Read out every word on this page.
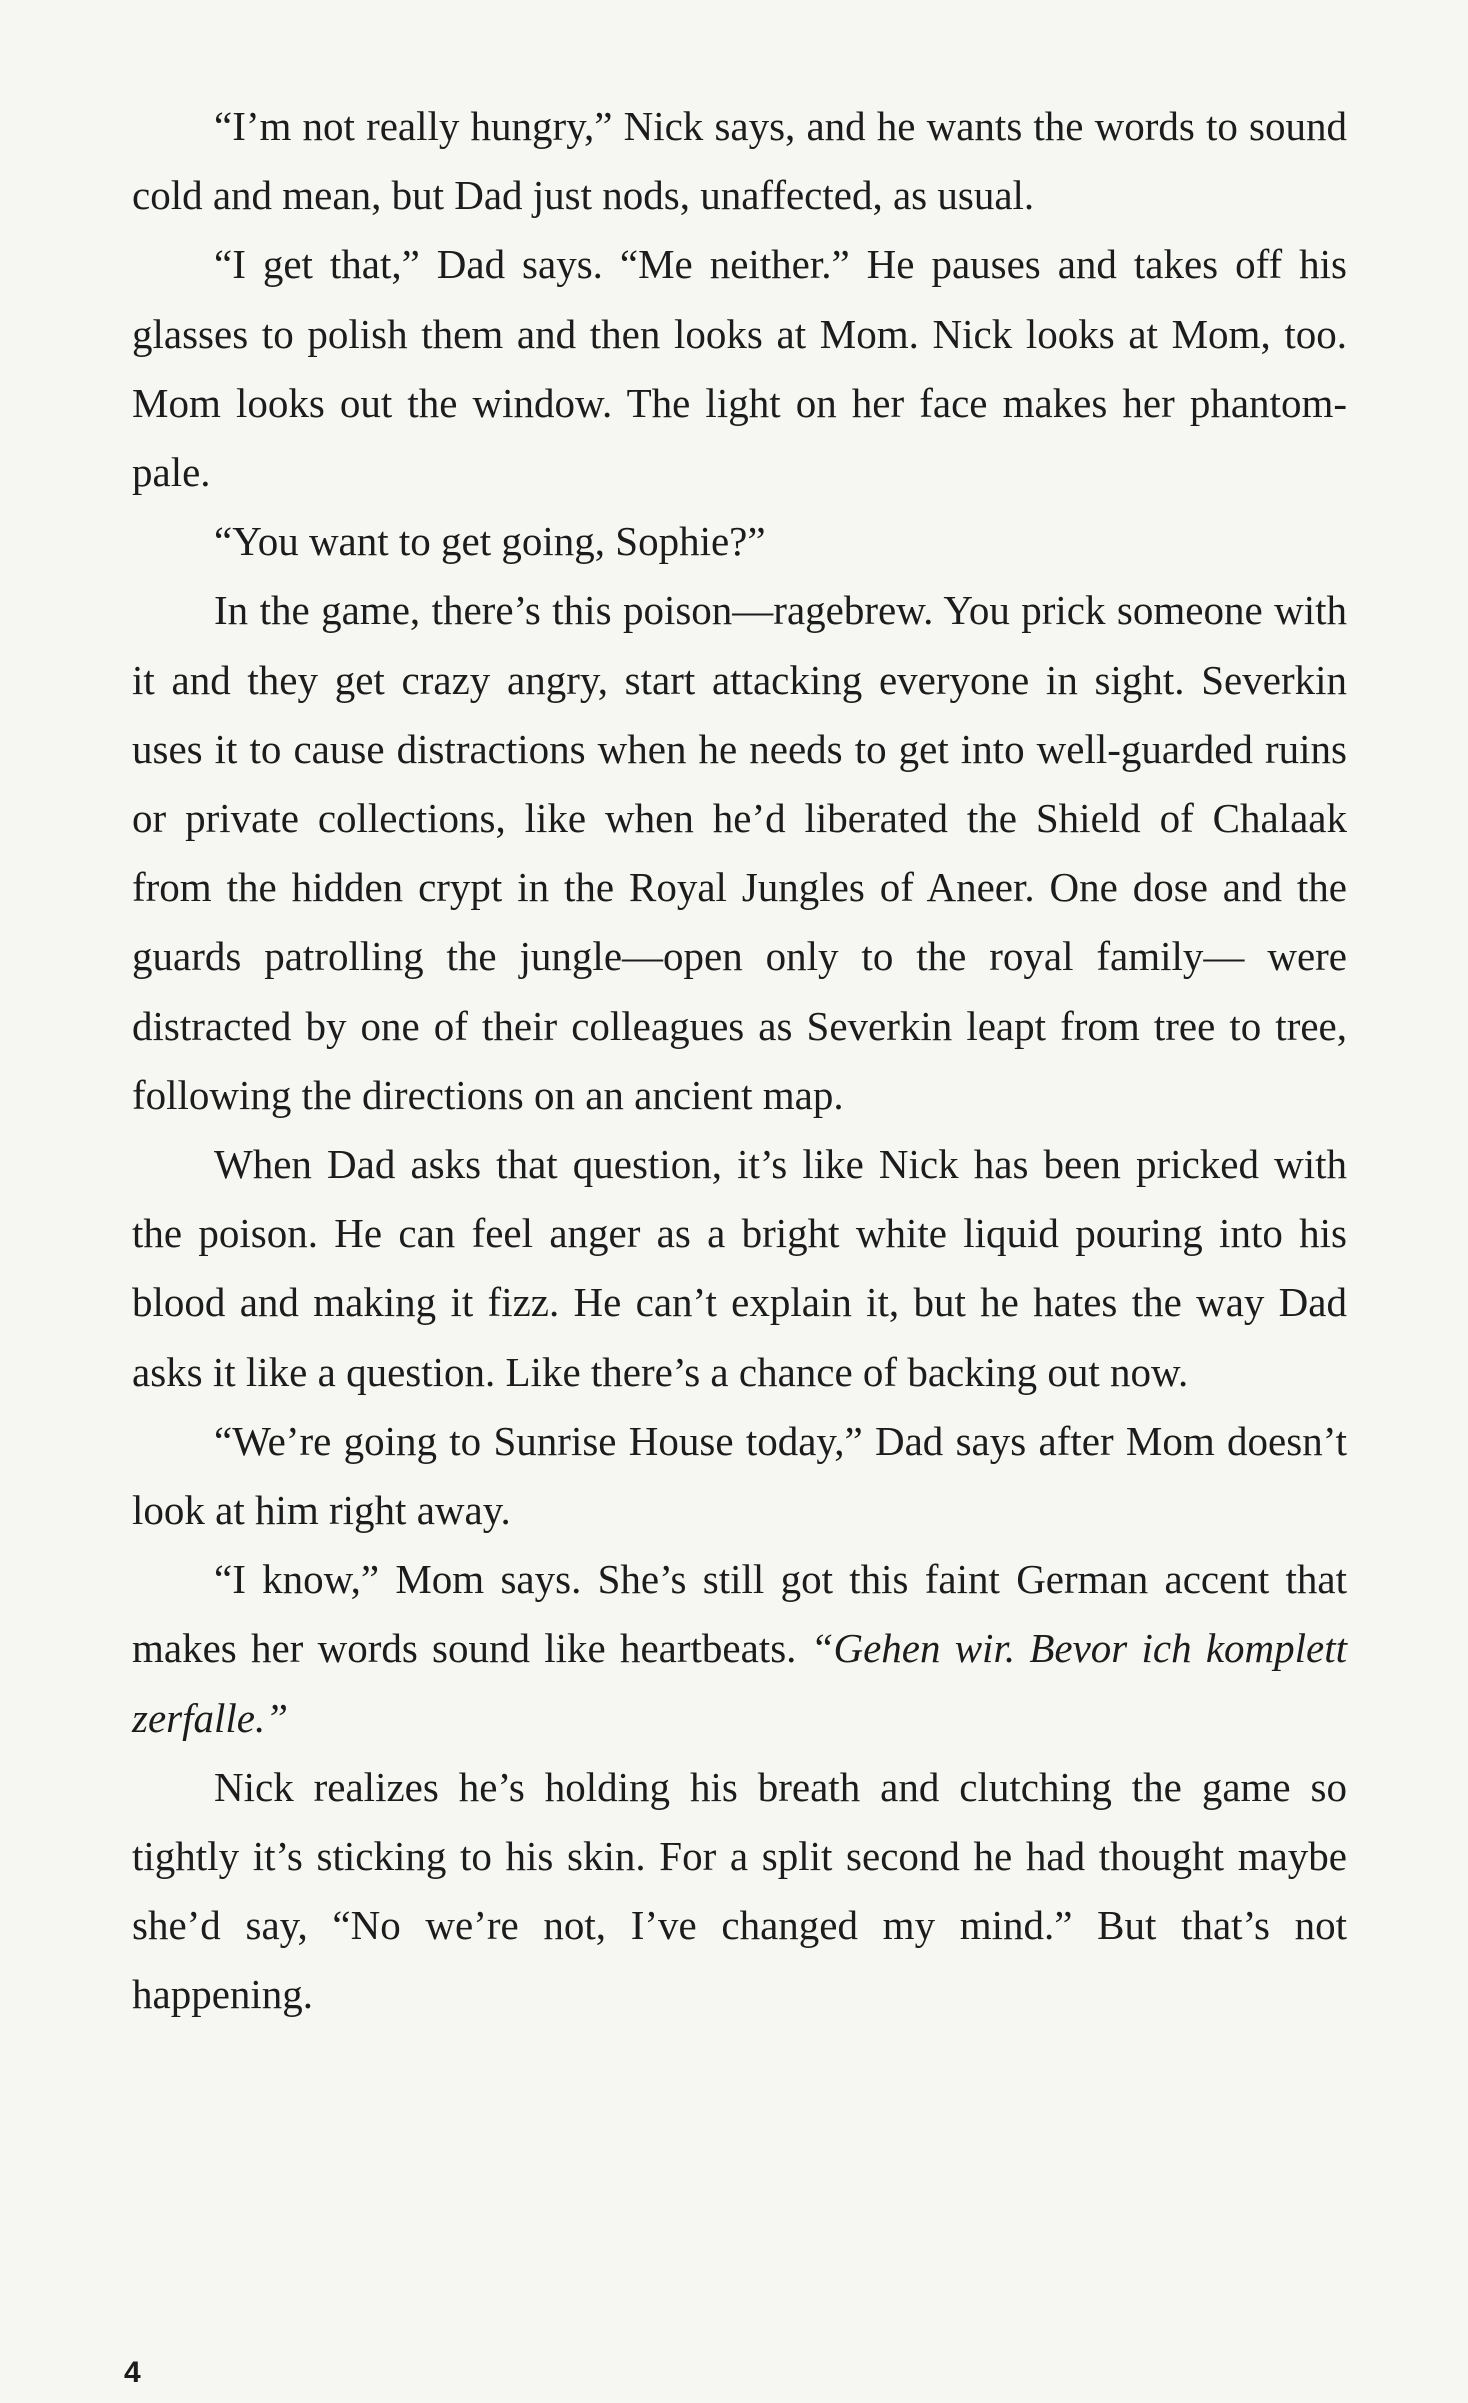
“I’m not really hungry,” Nick says, and he wants the words to sound cold and mean, but Dad just nods, unaffected, as usual.

“I get that,” Dad says. “Me neither.” He pauses and takes off his glasses to polish them and then looks at Mom. Nick looks at Mom, too. Mom looks out the window. The light on her face makes her phantom-pale.

“You want to get going, Sophie?”

In the game, there’s this poison—ragebrew. You prick someone with it and they get crazy angry, start attacking everyone in sight. Severkin uses it to cause distractions when he needs to get into well-guarded ruins or private collections, like when he’d liberated the Shield of Chalaak from the hidden crypt in the Royal Jungles of Aneer. One dose and the guards patrolling the jungle—open only to the royal family— were distracted by one of their colleagues as Severkin leapt from tree to tree, following the directions on an ancient map.

When Dad asks that question, it’s like Nick has been pricked with the poison. He can feel anger as a bright white liquid pouring into his blood and making it fizz. He can’t explain it, but he hates the way Dad asks it like a question. Like there’s a chance of backing out now.

“We’re going to Sunrise House today,” Dad says after Mom doesn’t look at him right away.

“I know,” Mom says. She’s still got this faint German accent that makes her words sound like heartbeats. “Gehen wir. Bevor ich komplett zerfalle.”

Nick realizes he’s holding his breath and clutching the game so tightly it’s sticking to his skin. For a split second he had thought maybe she’d say, “No we’re not, I’ve changed my mind.” But that’s not happening.

4
